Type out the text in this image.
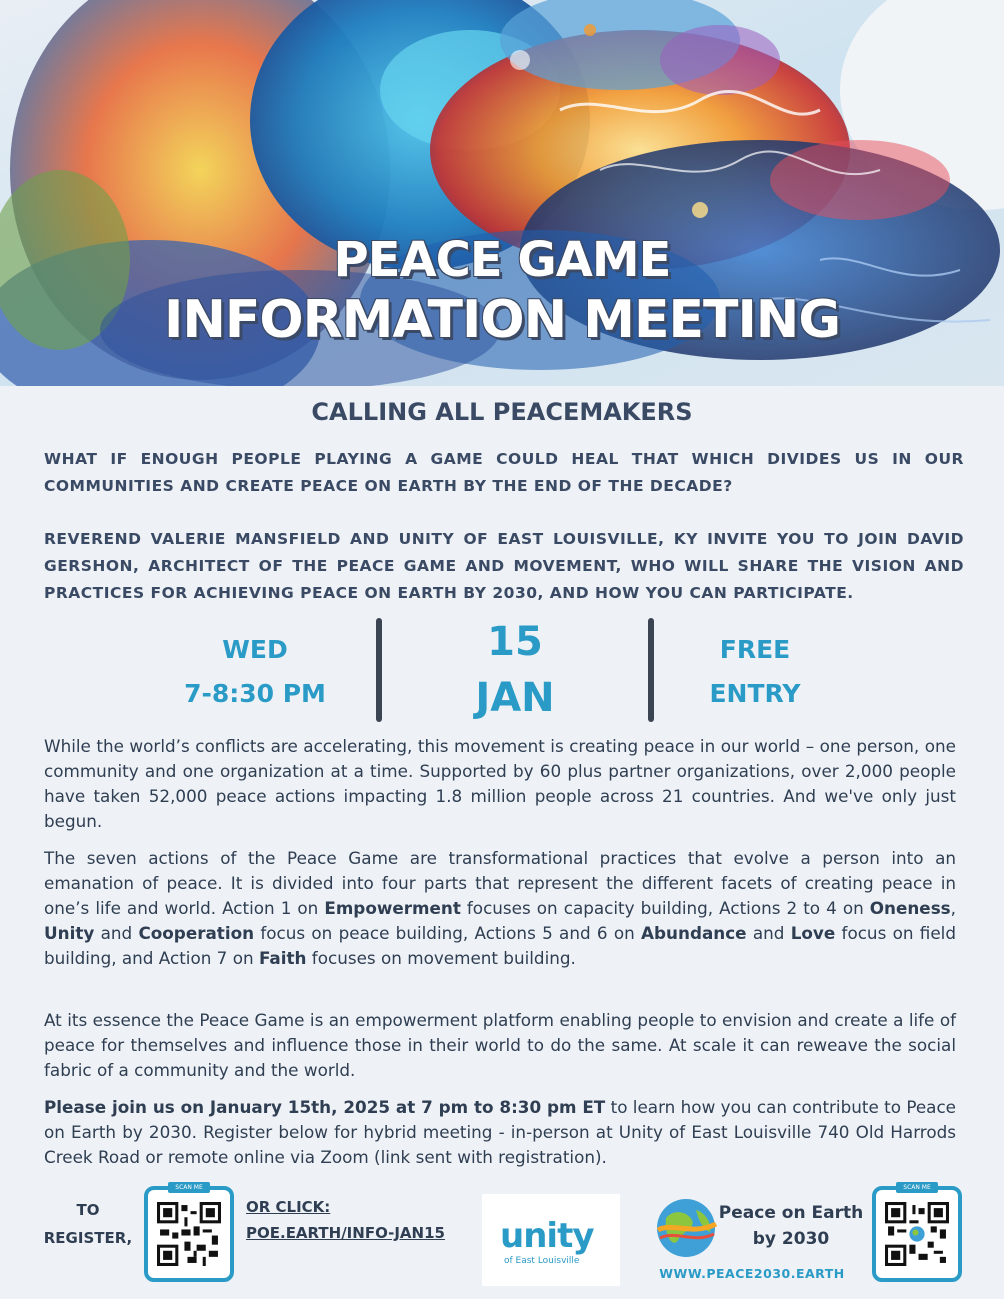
PEACE GAME
INFORMATION MEETING
CALLING ALL PEACEMAKERS
WHAT IF ENOUGH PEOPLE PLAYING A GAME COULD HEAL THAT WHICH DIVIDES US IN OUR COMMUNITIES AND CREATE PEACE ON EARTH BY THE END OF THE DECADE?
REVEREND VALERIE MANSFIELD AND UNITY OF EAST LOUISVILLE, KY INVITE YOU TO JOIN DAVID GERSHON, ARCHITECT OF THE PEACE GAME AND MOVEMENT, WHO WILL SHARE THE VISION AND PRACTICES FOR ACHIEVING PEACE ON EARTH BY 2030, AND HOW YOU CAN PARTICIPATE.
WED
7-8:30 PM
15
JAN
FREE
ENTRY

While the world’s conflicts are accelerating, this movement is creating peace in our world – one person, one community and one organization at a time. Supported by 60 plus partner organizations, over 2,000 people have taken 52,000 peace actions impacting 1.8 million people across 21 countries. And we've only just begun.

The seven actions of the Peace Game are transformational practices that evolve a person into an emanation of peace. It is divided into four parts that represent the different facets of creating peace in one’s life and world. Action 1 on Empowerment focuses on capacity building, Actions 2 to 4 on Oneness, Unity and Cooperation focus on peace building, Actions 5 and 6 on Abundance and Love focus on field building, and Action 7 on Faith focuses on movement building.

At its essence the Peace Game is an empowerment platform enabling people to envision and create a life of peace for themselves and influence those in their world to do the same. At scale it can reweave the social fabric of a community and the world.

Please join us on January 15th, 2025 at 7 pm to 8:30 pm ET to learn how you can contribute to Peace on Earth by 2030. Register below for hybrid meeting - in-person at Unity of East Louisville 740 Old Harrods Creek Road or remote online via Zoom (link sent with registration).

TO
REGISTER,
SCAN ME
OR CLICK:
POE.EARTH/INFO-JAN15 unity
of East Louisville
Peace on Earth
by 2030
WWW.PEACE2030.EARTH
SCAN ME
